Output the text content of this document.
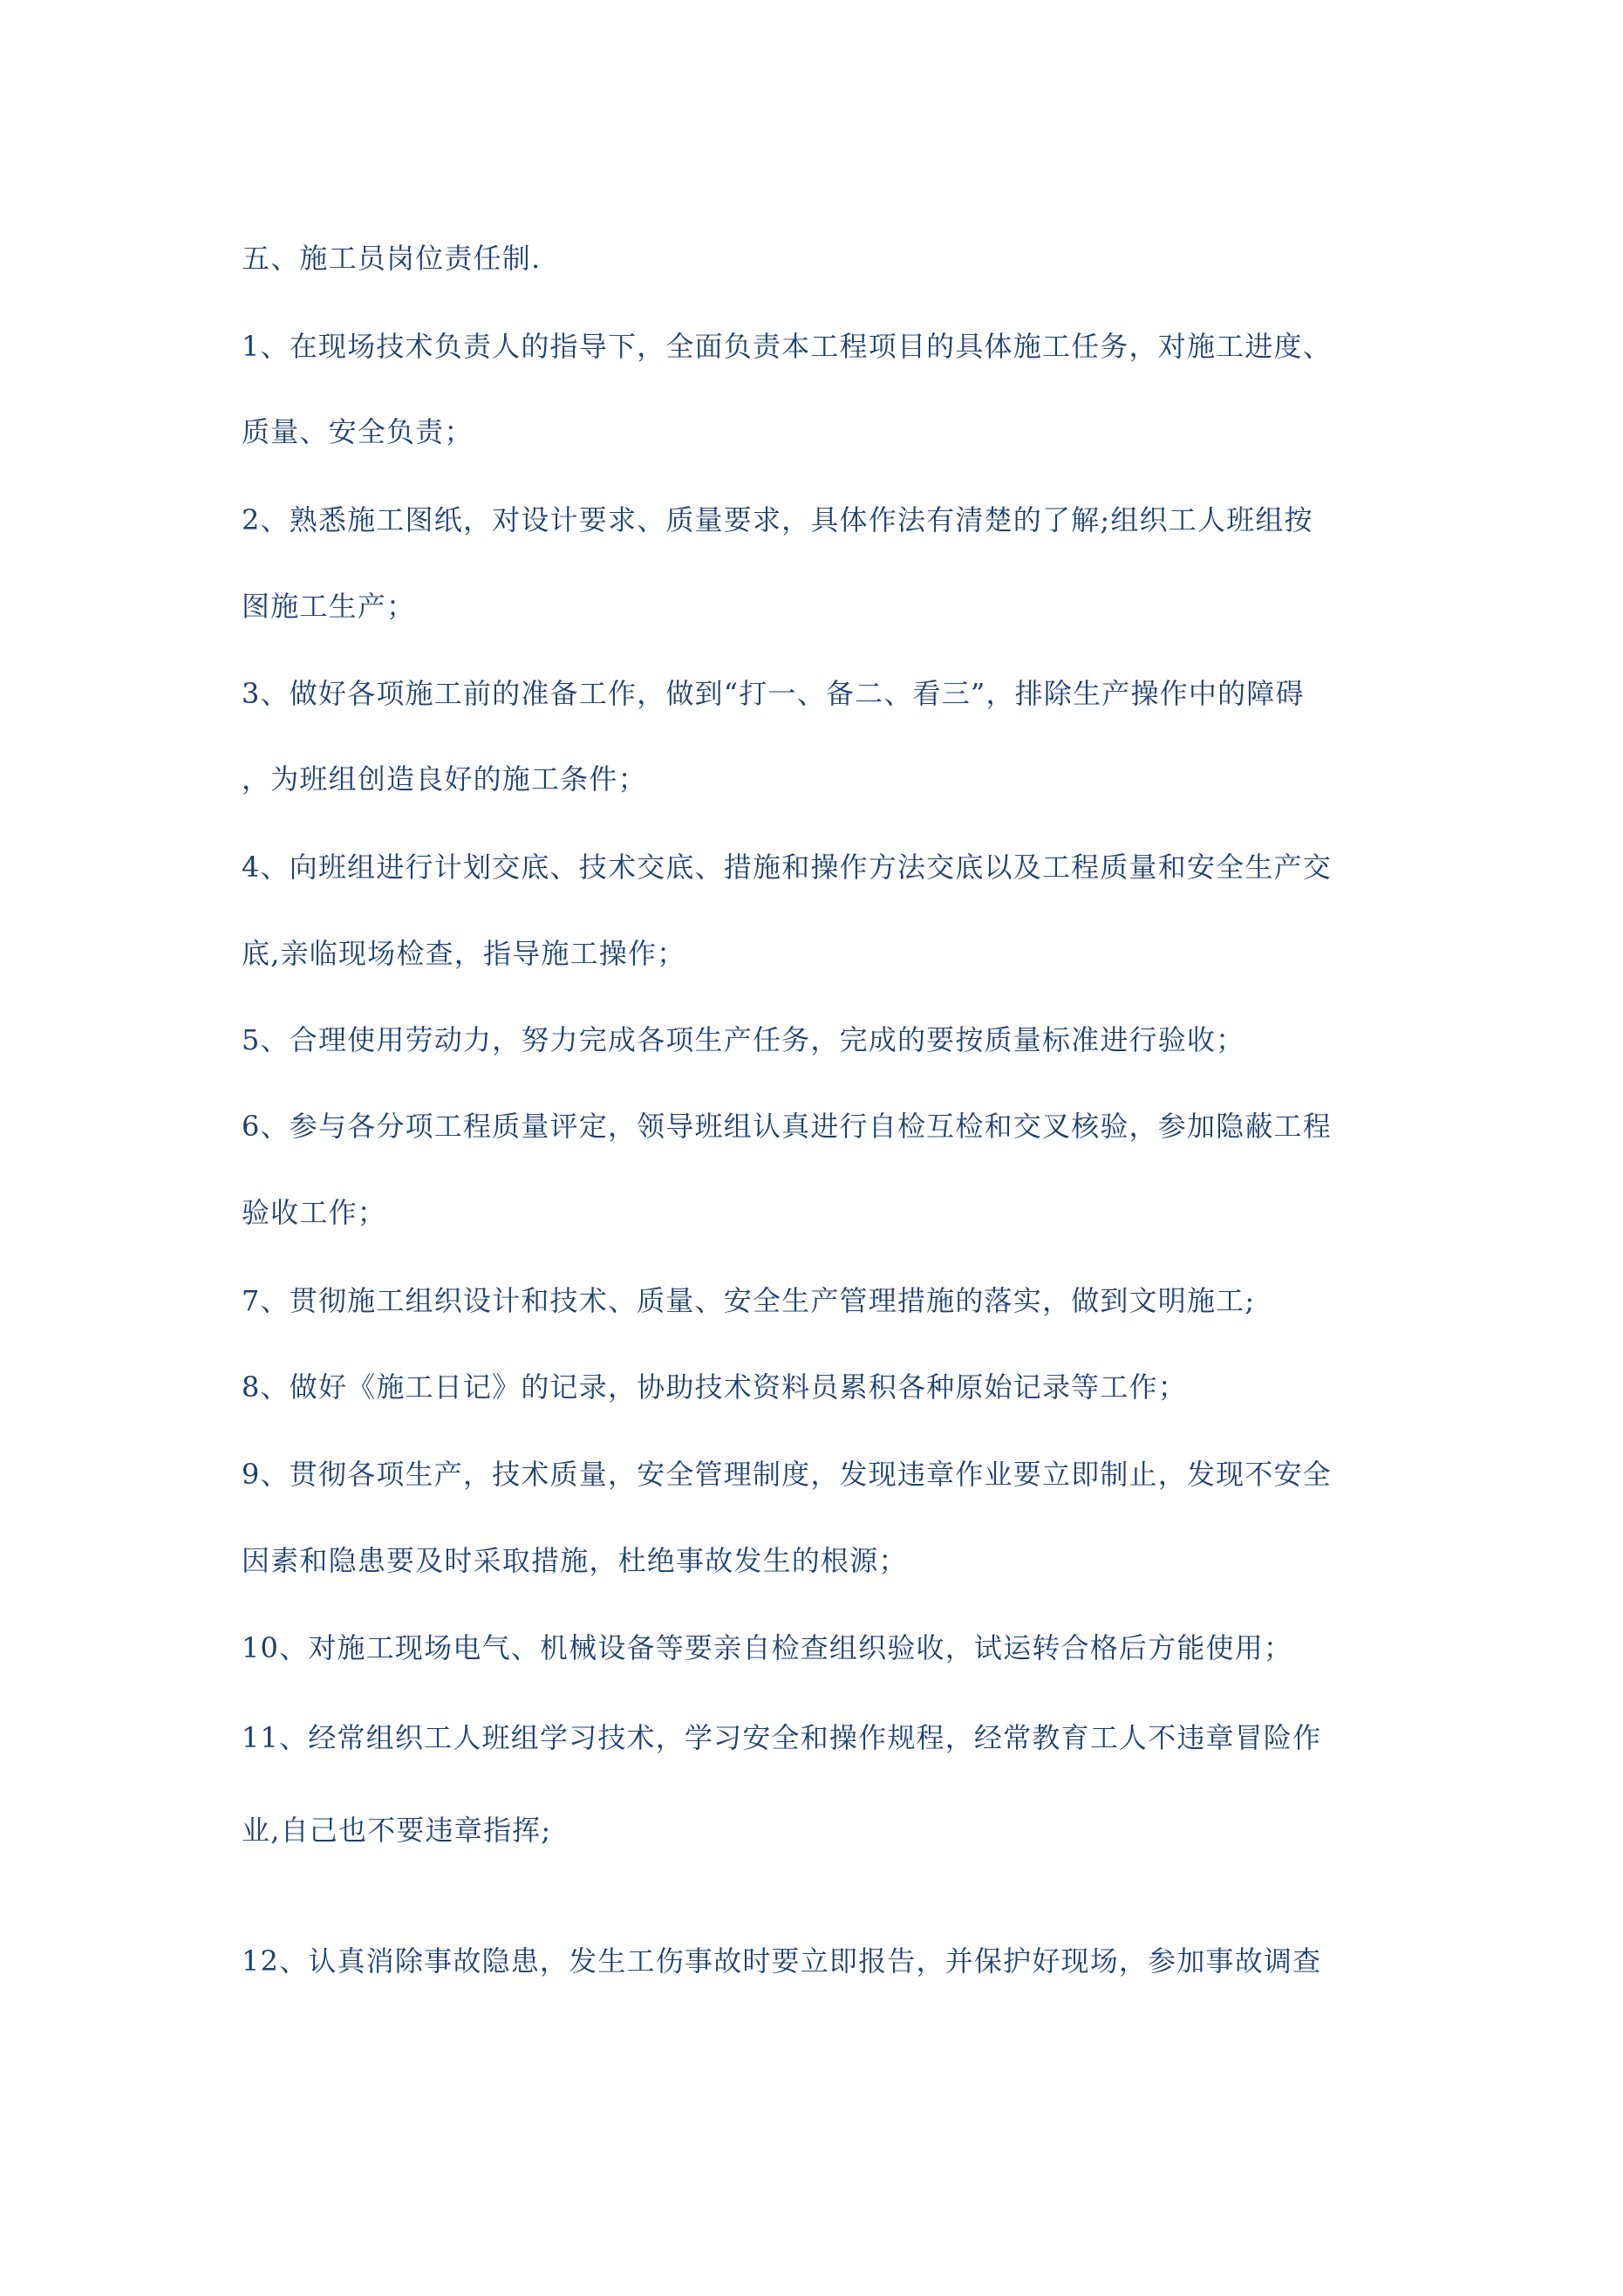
五、施工员岗位责任制.

1、在现场技术负责人的指导下，全面负责本工程项目的具体施工任务，对施工进度、

质量、安全负责；

2、熟悉施工图纸，对设计要求、质量要求，具体作法有清楚的了解;组织工人班组按

图施工生产；

3、做好各项施工前的准备工作，做到“打一、备二、看三”，排除生产操作中的障碍

，为班组创造良好的施工条件；

4、向班组进行计划交底、技术交底、措施和操作方法交底以及工程质量和安全生产交

底,亲临现场检查，指导施工操作；

5、合理使用劳动力，努力完成各项生产任务，完成的要按质量标准进行验收；

6、参与各分项工程质量评定，领导班组认真进行自检互检和交叉核验，参加隐蔽工程

验收工作；

7、贯彻施工组织设计和技术、质量、安全生产管理措施的落实，做到文明施工;

8、做好《施工日记》的记录，协助技术资料员累积各种原始记录等工作；

9、贯彻各项生产，技术质量，安全管理制度，发现违章作业要立即制止，发现不安全

因素和隐患要及时采取措施，杜绝事故发生的根源；

10、对施工现场电气、机械设备等要亲自检查组织验收，试运转合格后方能使用；

11、经常组织工人班组学习技术，学习安全和操作规程，经常教育工人不违章冒险作

业,自己也不要违章指挥;

12、认真消除事故隐患，发生工伤事故时要立即报告，并保护好现场，参加事故调查
